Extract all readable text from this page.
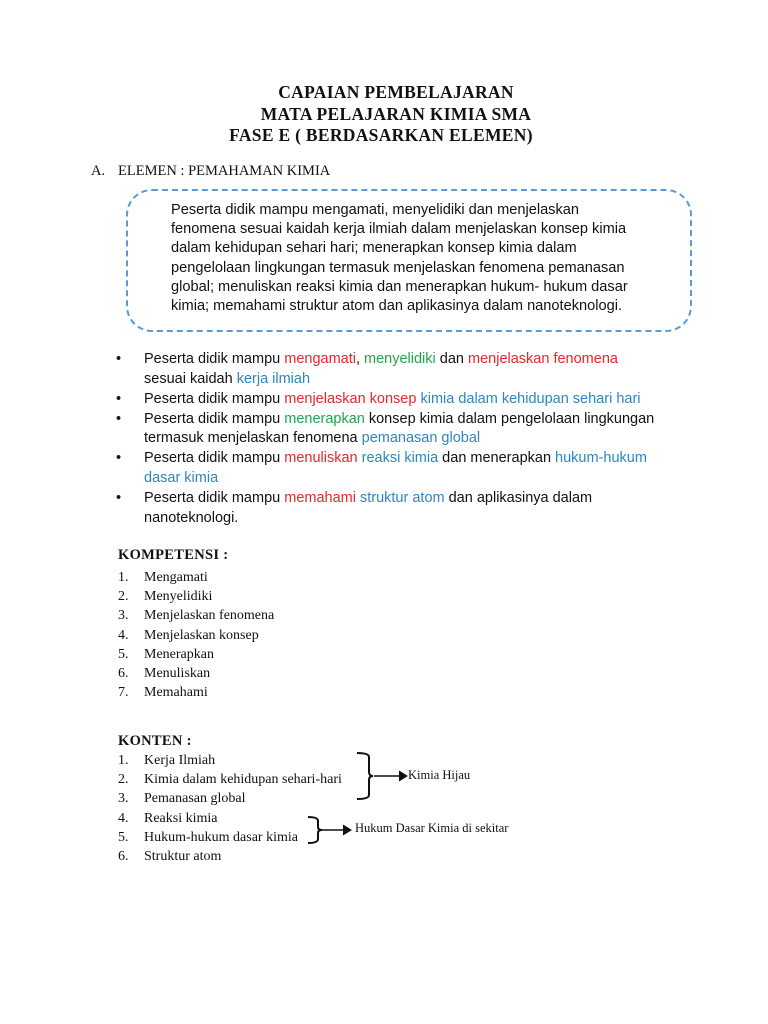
CAPAIAN PEMBELAJARAN
MATA PELAJARAN KIMIA SMA
FASE E ( BERDASARKAN ELEMEN)
A. ELEMEN : PEMAHAMAN KIMIA
Peserta didik mampu mengamati, menyelidiki dan menjelaskan
fenomena sesuai kaidah kerja ilmiah dalam menjelaskan konsep kimia
dalam kehidupan sehari hari; menerapkan konsep kimia dalam
pengelolaan lingkungan termasuk menjelaskan fenomena pemanasan
global; menuliskan reaksi kimia dan menerapkan hukum- hukum dasar
kimia; memahami struktur atom dan aplikasinya dalam nanoteknologi.
• Peserta didik mampu mengamati, menyelidiki dan menjelaskan fenomena
sesuai kaidah kerja ilmiah
• Peserta didik mampu menjelaskan konsep kimia dalam kehidupan sehari hari
• Peserta didik mampu menerapkan konsep kimia dalam pengelolaan lingkungan
termasuk menjelaskan fenomena pemanasan global
• Peserta didik mampu menuliskan reaksi kimia dan menerapkan hukum-hukum
dasar kimia
• Peserta didik mampu memahami struktur atom dan aplikasinya dalam
nanoteknologi.
KOMPETENSI :
1. Mengamati
2. Menyelidiki
3. Menjelaskan fenomena
4. Menjelaskan konsep
5. Menerapkan
6. Menuliskan
7. Memahami
KONTEN :
1. Kerja Ilmiah
2. Kimia dalam kehidupan sehari-hari
3. Pemanasan global
4. Reaksi kimia
5. Hukum-hukum dasar kimia
6. Struktur atom
Kimia Hijau
Hukum Dasar Kimia di sekitar
